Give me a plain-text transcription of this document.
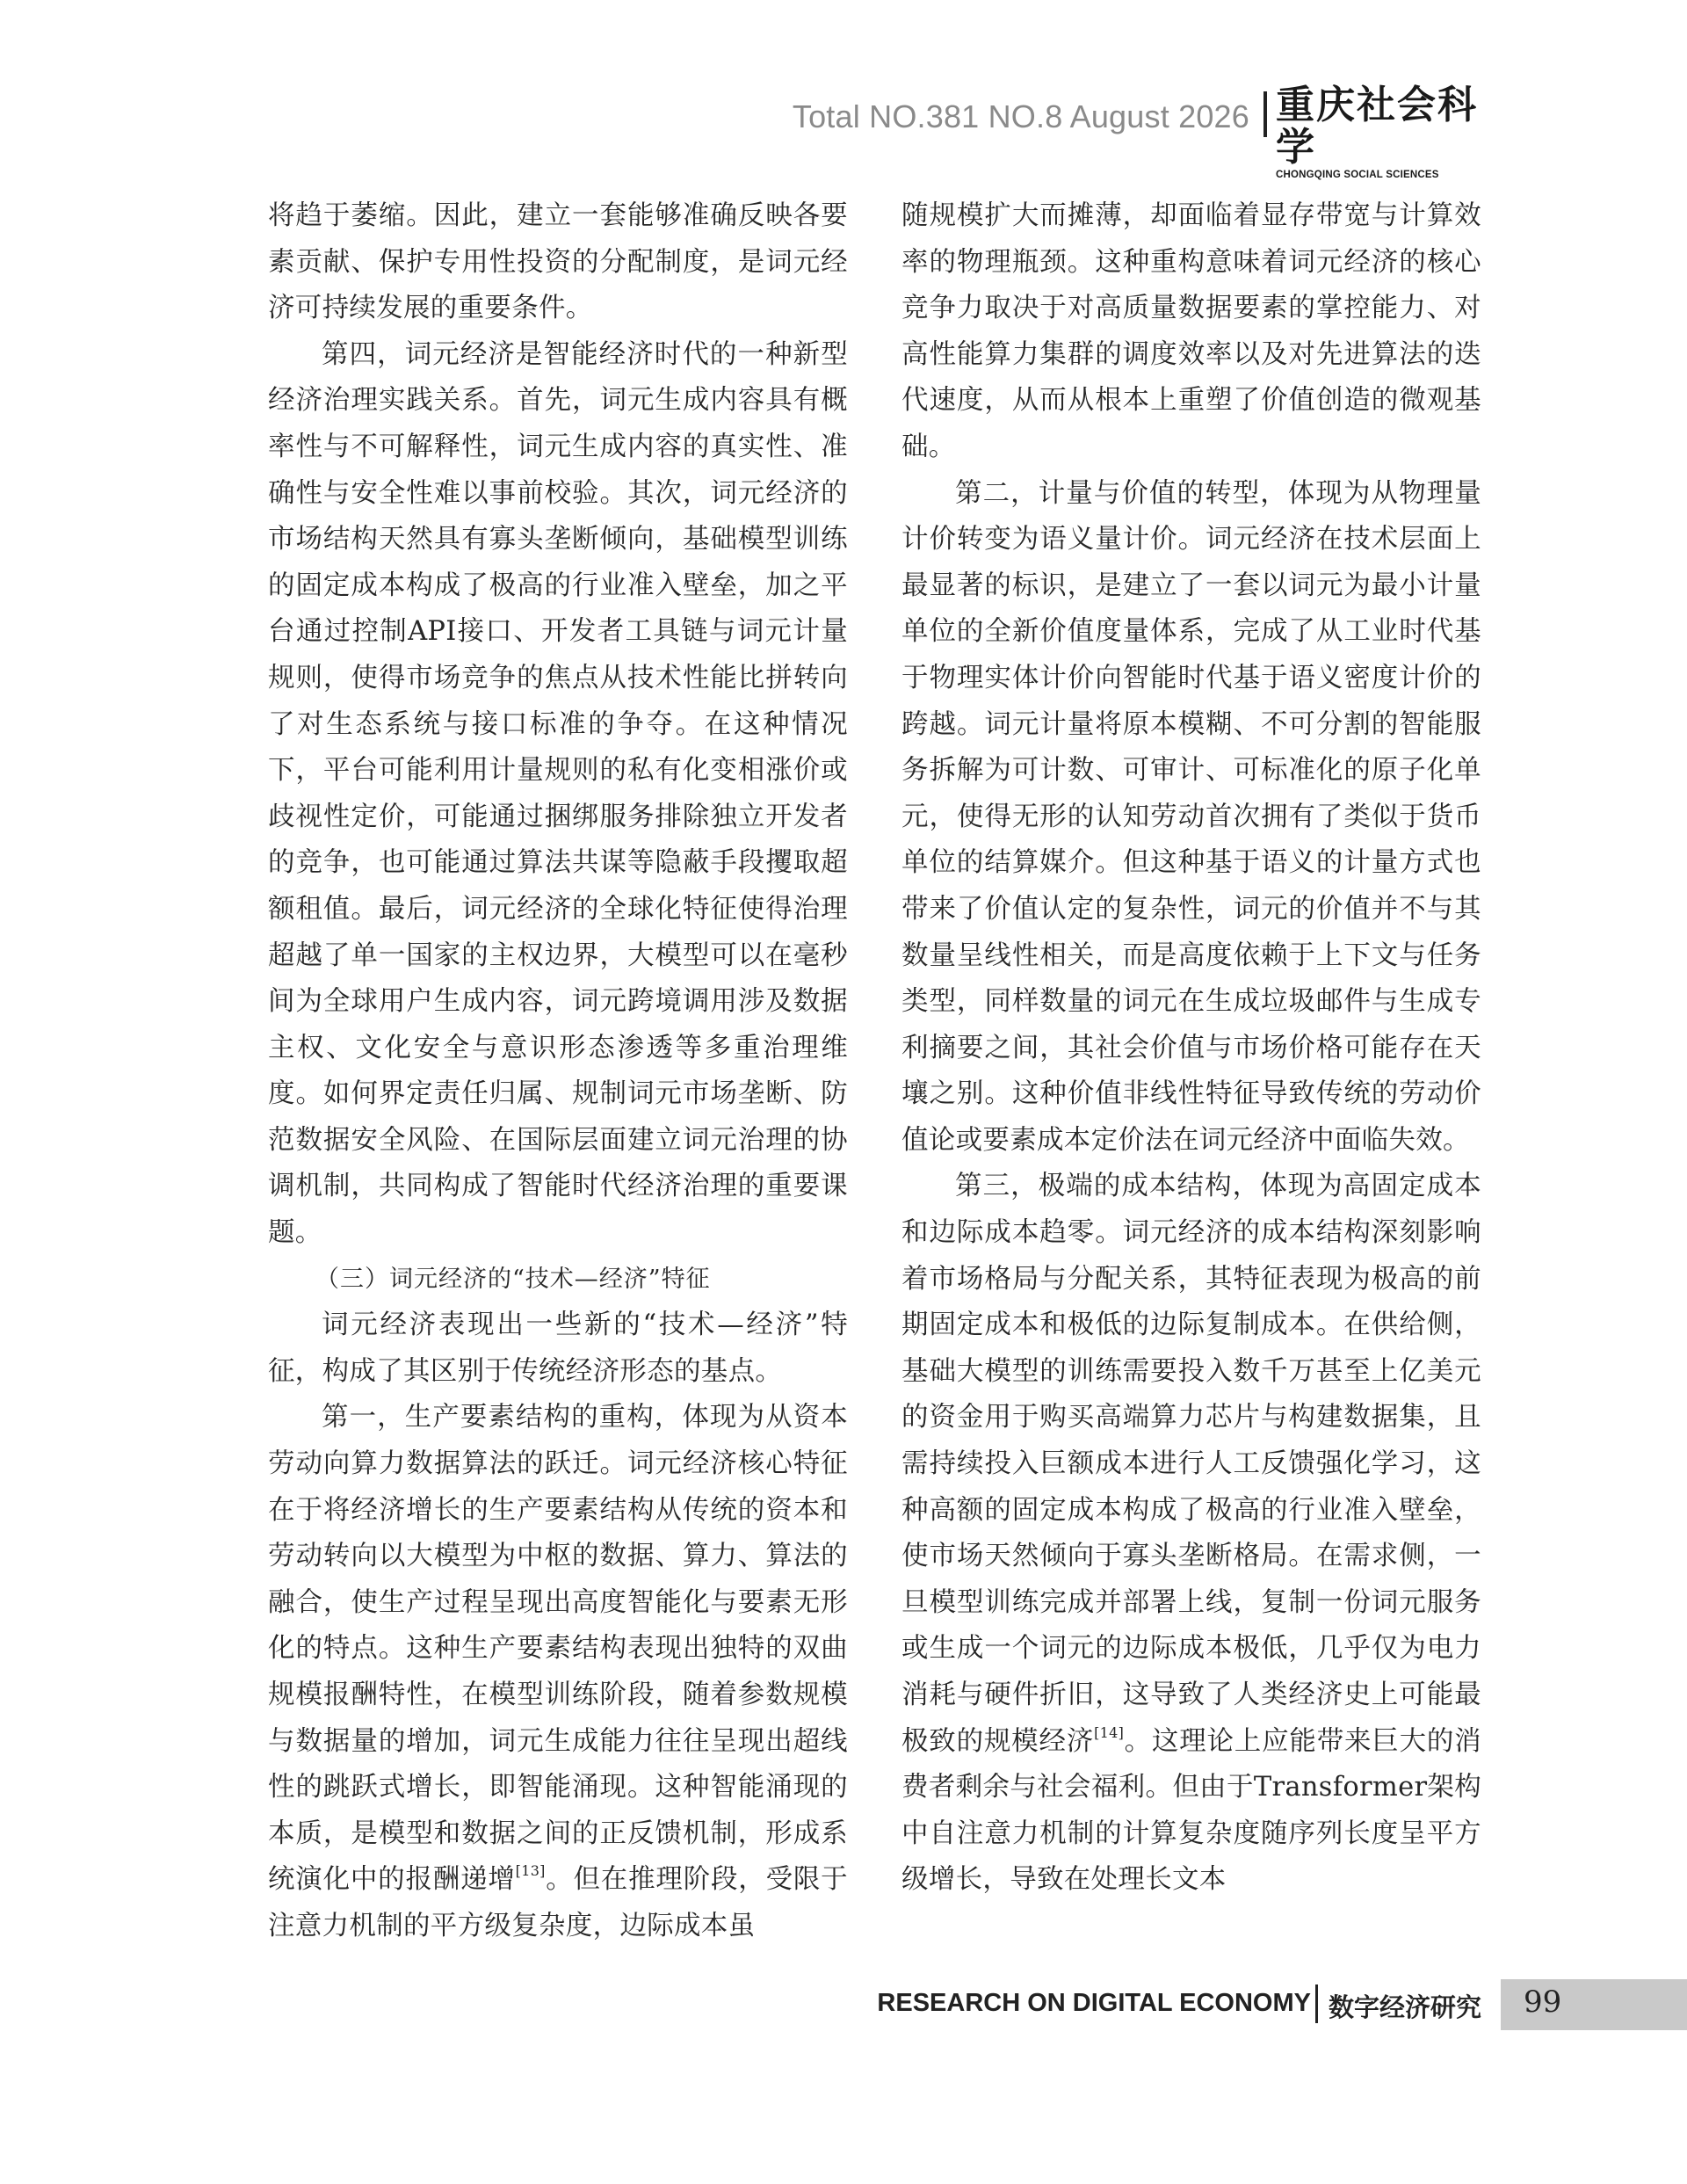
Total NO.381 NO.8 August 2026 重庆社会科学
CHONGQING SOCIAL SCIENCES

将趋于萎缩。因此，建立一套能够准确反映各要素贡献、保护专用性投资的分配制度，是词元经济可持续发展的重要条件。

第四，词元经济是智能经济时代的一种新型经济治理实践关系。首先，词元生成内容具有概率性与不可解释性，词元生成内容的真实性、准确性与安全性难以事前校验。其次，词元经济的市场结构天然具有寡头垄断倾向，基础模型训练的固定成本构成了极高的行业准入壁垒，加之平台通过控制API接口、开发者工具链与词元计量规则，使得市场竞争的焦点从技术性能比拼转向了对生态系统与接口标准的争夺。在这种情况下，平台可能利用计量规则的私有化变相涨价或歧视性定价，可能通过捆绑服务排除独立开发者的竞争，也可能通过算法共谋等隐蔽手段攫取超额租值。最后，词元经济的全球化特征使得治理超越了单一国家的主权边界，大模型可以在毫秒间为全球用户生成内容，词元跨境调用涉及数据主权、文化安全与意识形态渗透等多重治理维度。如何界定责任归属、规制词元市场垄断、防范数据安全风险、在国际层面建立词元治理的协调机制，共同构成了智能时代经济治理的重要课题。

（三）词元经济的“技术—经济”特征

词元经济表现出一些新的“技术—经济”特征，构成了其区别于传统经济形态的基点。

第一，生产要素结构的重构，体现为从资本劳动向算力数据算法的跃迁。词元经济核心特征在于将经济增长的生产要素结构从传统的资本和劳动转向以大模型为中枢的数据、算力、算法的融合，使生产过程呈现出高度智能化与要素无形化的特点。这种生产要素结构表现出独特的双曲规模报酬特性，在模型训练阶段，随着参数规模与数据量的增加，词元生成能力往往呈现出超线性的跳跃式增长，即智能涌现。这种智能涌现的本质，是模型和数据之间的正反馈机制，形成系统演化中的报酬递增[13]。但在推理阶段，受限于注意力机制的平方级复杂度，边际成本虽

随规模扩大而摊薄，却面临着显存带宽与计算效率的物理瓶颈。这种重构意味着词元经济的核心竞争力取决于对高质量数据要素的掌控能力、对高性能算力集群的调度效率以及对先进算法的迭代速度，从而从根本上重塑了价值创造的微观基础。

第二，计量与价值的转型，体现为从物理量计价转变为语义量计价。词元经济在技术层面上最显著的标识，是建立了一套以词元为最小计量单位的全新价值度量体系，完成了从工业时代基于物理实体计价向智能时代基于语义密度计价的跨越。词元计量将原本模糊、不可分割的智能服务拆解为可计数、可审计、可标准化的原子化单元，使得无形的认知劳动首次拥有了类似于货币单位的结算媒介。但这种基于语义的计量方式也带来了价值认定的复杂性，词元的价值并不与其数量呈线性相关，而是高度依赖于上下文与任务类型，同样数量的词元在生成垃圾邮件与生成专利摘要之间，其社会价值与市场价格可能存在天壤之别。这种价值非线性特征导致传统的劳动价值论或要素成本定价法在词元经济中面临失效。

第三，极端的成本结构，体现为高固定成本和边际成本趋零。词元经济的成本结构深刻影响着市场格局与分配关系，其特征表现为极高的前期固定成本和极低的边际复制成本。在供给侧，基础大模型的训练需要投入数千万甚至上亿美元的资金用于购买高端算力芯片与构建数据集，且需持续投入巨额成本进行人工反馈强化学习，这种高额的固定成本构成了极高的行业准入壁垒，使市场天然倾向于寡头垄断格局。在需求侧，一旦模型训练完成并部署上线，复制一份词元服务或生成一个词元的边际成本极低，几乎仅为电力消耗与硬件折旧，这导致了人类经济史上可能最极致的规模经济[14]。这理论上应能带来巨大的消费者剩余与社会福利。但由于Transformer架构中自注意力机制的计算复杂度随序列长度呈平方级增长，导致在处理长文本

RESEARCH ON DIGITAL ECONOMY 数字经济研究 99
